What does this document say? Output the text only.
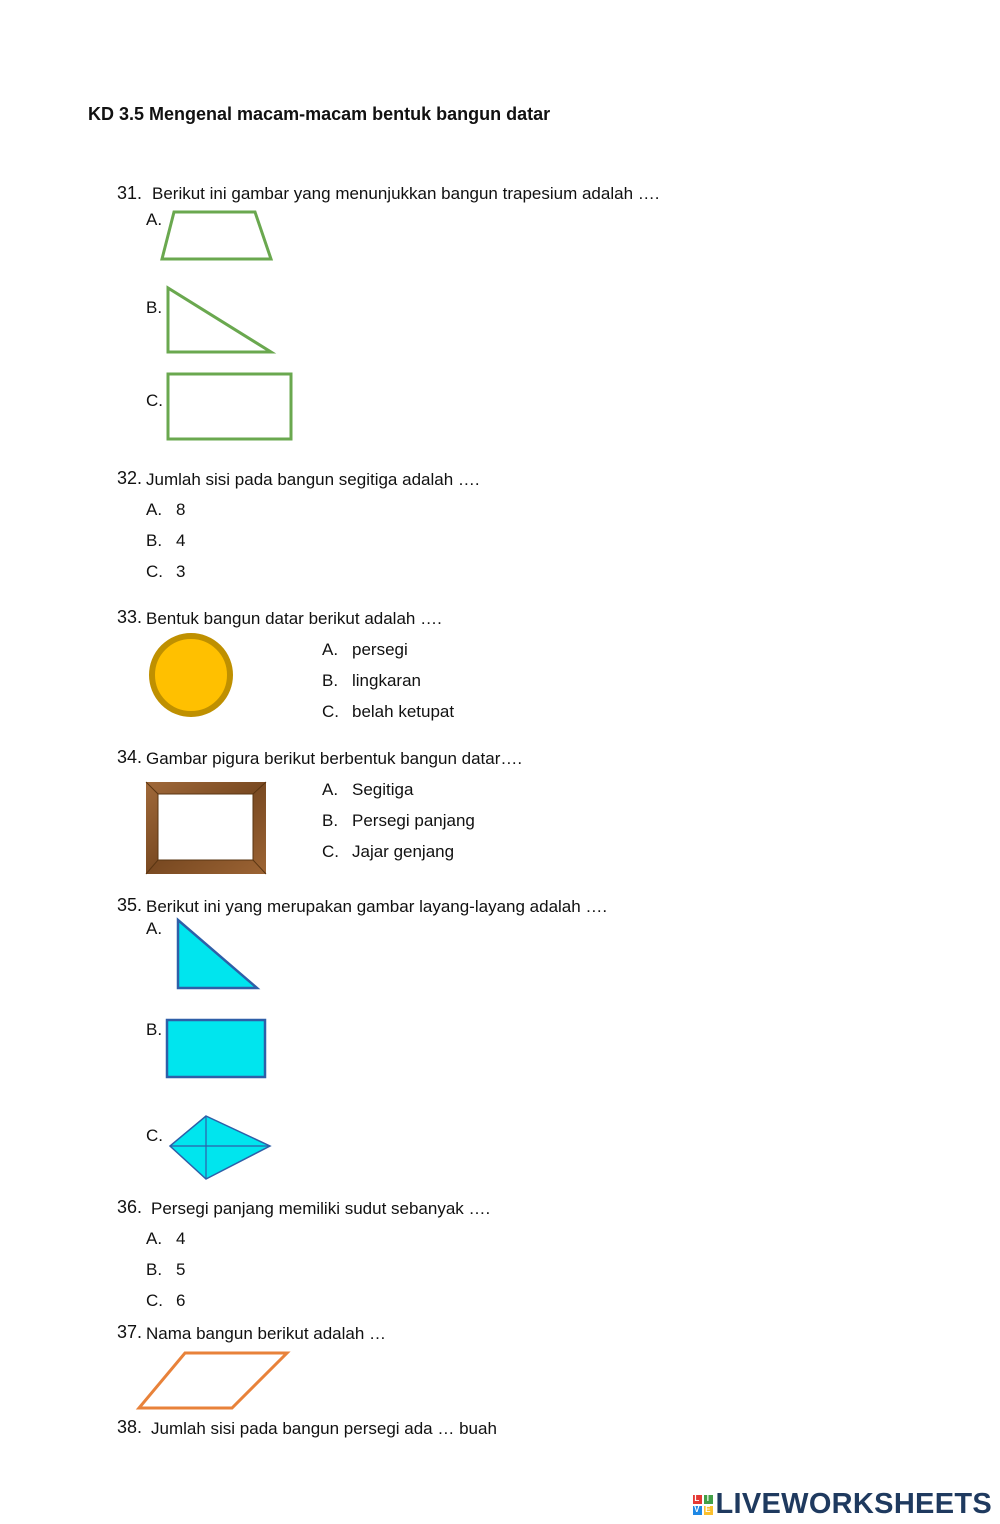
KD 3.5 Mengenal macam-macam bentuk bangun datar
31. Berikut ini gambar yang menunjukkan bangun trapesium adalah ….
A.
B.
C.
32. Jumlah sisi pada bangun segitiga adalah ….
A. 8
B. 4
C. 3
33. Bentuk bangun datar berikut adalah ….
A. persegi
B. lingkaran
C. belah ketupat
34. Gambar pigura berikut berbentuk bangun datar….
A. Segitiga
B. Persegi panjang
C. Jajar genjang
35. Berikut ini yang merupakan gambar layang-layang adalah ….
A.
B.
C.
36. Persegi panjang memiliki sudut sebanyak ….
A. 4
B. 5
C. 6
37. Nama bangun berikut adalah …
38. Jumlah sisi pada bangun persegi ada … buah
L I
V E LIVEWORKSHEETS
